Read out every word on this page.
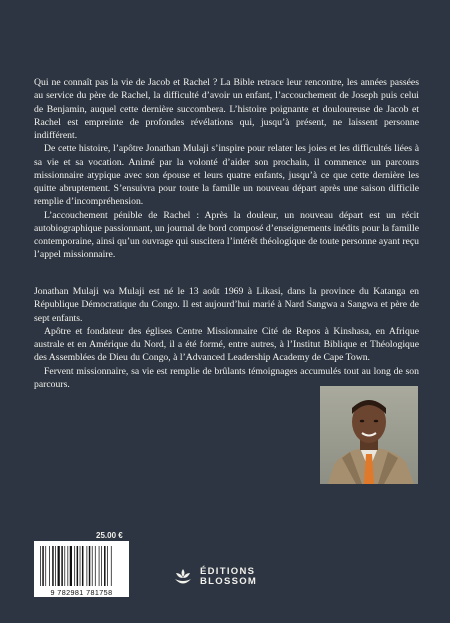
Qui ne connaît pas la vie de Jacob et Rachel ? La Bible retrace leur rencontre, les années passées au service du père de Rachel, la difficulté d’avoir un enfant, l’accouchement de Joseph puis celui de Benjamin, auquel cette dernière succombera. L’histoire poignante et douloureuse de Jacob et Rachel est empreinte de profondes révélations qui, jusqu’à présent, ne laissent personne indifférent.

De cette histoire, l’apôtre Jonathan Mulaji s’inspire pour relater les joies et les difficultés liées à sa vie et sa vocation. Animé par la volonté d’aider son prochain, il commence un parcours missionnaire atypique avec son épouse et leurs quatre enfants, jusqu’à ce que cette dernière les quitte abruptement. S’ensuivra pour toute la famille un nouveau départ après une saison difficile remplie d’incompréhension.

L’accouchement pénible de Rachel : Après la douleur, un nouveau départ est un récit autobiographique passionnant, un journal de bord composé d’enseignements inédits pour la famille contemporaine, ainsi qu’un ouvrage qui suscitera l’intérêt théologique de toute personne ayant reçu l’appel missionnaire.

Jonathan Mulaji wa Mulaji est né le 13 août 1969 à Likasi, dans la province du Katanga en République Démocratique du Congo. Il est aujourd’hui marié à Nard Sangwa a Sangwa et père de sept enfants.

Apôtre et fondateur des églises Centre Missionnaire Cité de Repos à Kinshasa, en Afrique australe et en Amérique du Nord, il a été formé, entre autres, à l’Institut Biblique et Théologique des Assemblées de Dieu du Congo, à l’Advanced Leadership Academy de Cape Town.

Fervent missionnaire, sa vie est remplie de brûlants témoignages accumulés tout au long de son parcours.

25.00 €
9 782981 781758
ÉDITIONS
BLOSSOM
